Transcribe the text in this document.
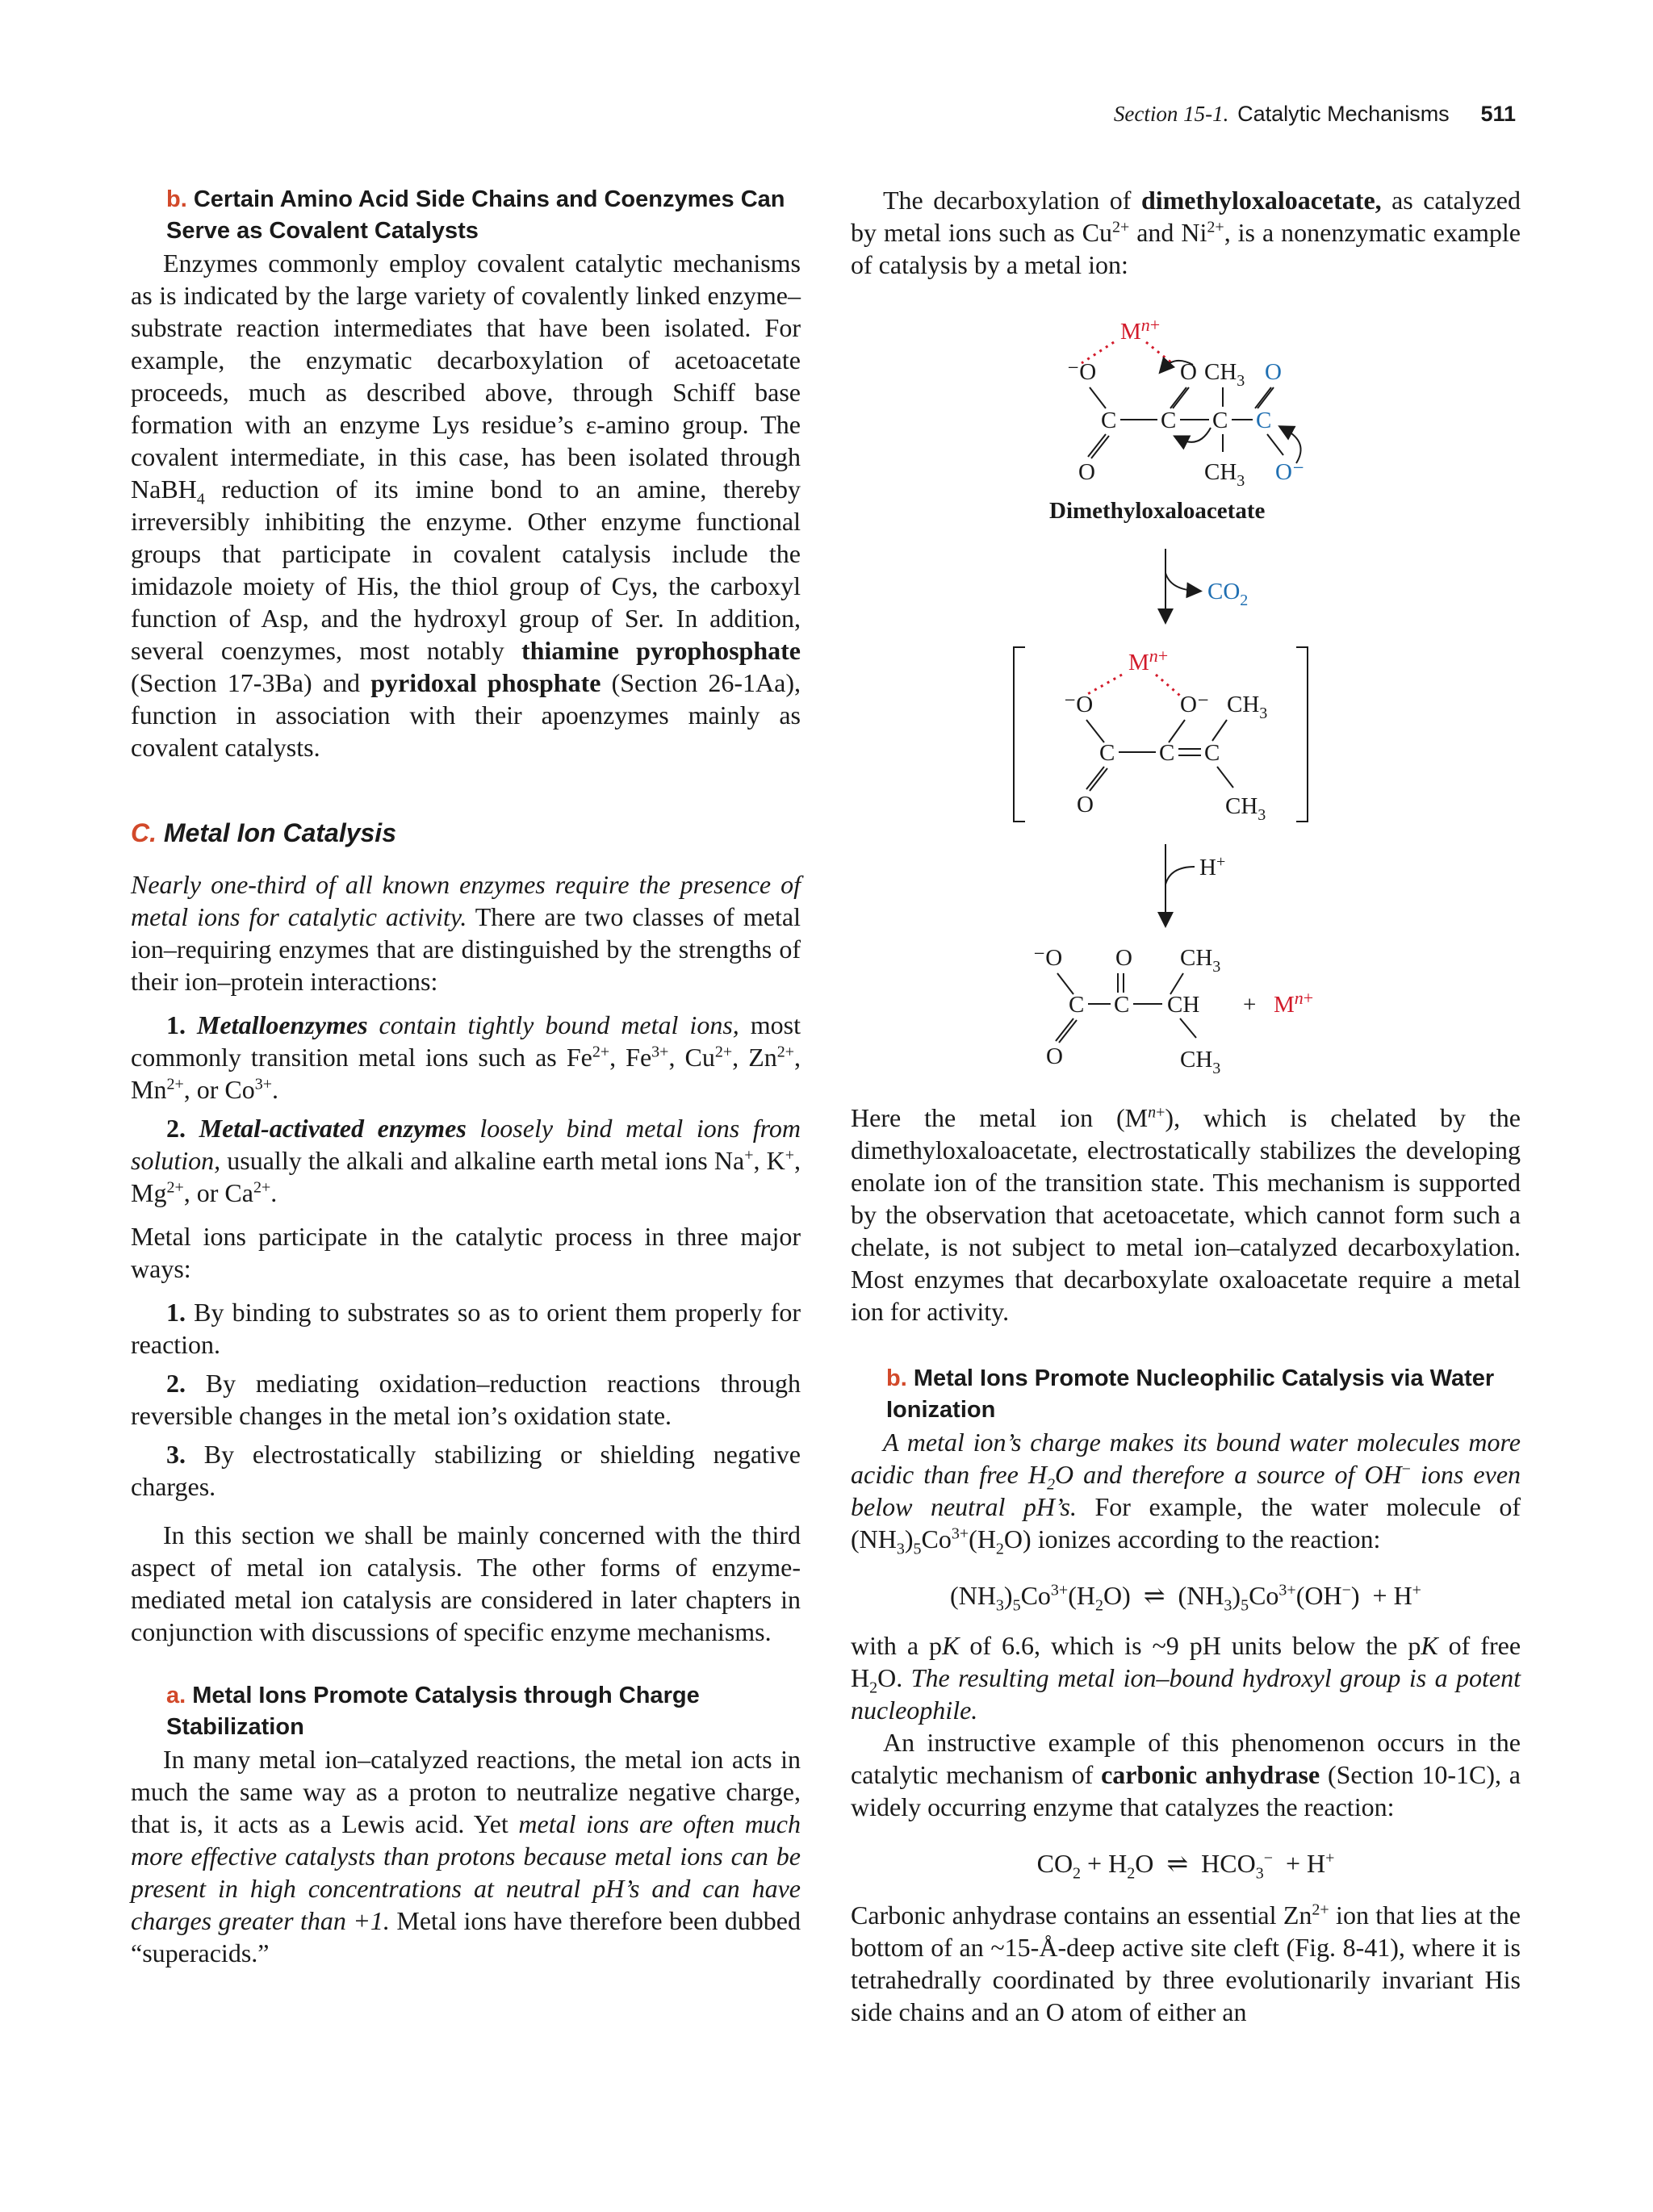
Section 15-1. Catalytic Mechanisms 511
b. Certain Amino Acid Side Chains and Coenzymes Can Serve as Covalent Catalysts

Enzymes commonly employ covalent catalytic mechanisms as is indicated by the large variety of covalently linked enzyme–substrate reaction intermediates that have been isolated. For example, the enzymatic decarboxylation of acetoacetate proceeds, much as described above, through Schiff base formation with an enzyme Lys residue’s ε-amino group. The covalent intermediate, in this case, has been isolated through NaBH$_4$ reduction of its imine bond to an amine, thereby irreversibly inhibiting the enzyme. Other enzyme functional groups that participate in covalent catalysis include the imidazole moiety of His, the thiol group of Cys, the carboxyl function of Asp, and the hydroxyl group of Ser. In addition, several coenzymes, most notably thiamine pyrophosphate (Section 17-3Ba) and pyridoxal phosphate (Section 26-1Aa), function in association with their apoenzymes mainly as covalent catalysts.

C. Metal Ion Catalysis

Nearly one-third of all known enzymes require the presence of metal ions for catalytic activity. There are two classes of metal ion–requiring enzymes that are distinguished by the strengths of their ion–protein interactions:

1. Metalloenzymes contain tightly bound metal ions, most commonly transition metal ions such as $Fe^{2+}$, $Fe^{3+}$, $Cu^{2+}$, $Zn^{2+}$, $Mn^{2+}$, or $Co^{3+}$.

2. Metal-activated enzymes loosely bind metal ions from solution, usually the alkali and alkaline earth metal ions Na+, K+, $Mg^{2+}$, or $Ca^{2+}$.

Metal ions participate in the catalytic process in three major ways:

1. By binding to substrates so as to orient them properly for reaction.

2. By mediating oxidation–reduction reactions through reversible changes in the metal ion’s oxidation state.

3. By electrostatically stabilizing or shielding negative charges.

In this section we shall be mainly concerned with the third aspect of metal ion catalysis. The other forms of enzyme-mediated metal ion catalysis are considered in later chapters in conjunction with discussions of specific enzyme mechanisms.

a. Metal Ions Promote Catalysis through Charge Stabilization

In many metal ion–catalyzed reactions, the metal ion acts in much the same way as a proton to neutralize negative charge, that is, it acts as a Lewis acid. Yet metal ions are often much more effective catalysts than protons because metal ions can be present in high concentrations at neutral pH’s and can have charges greater than +1. Metal ions have therefore been dubbed “superacids.”

The decarboxylation of dimethyloxaloacetate, as catalyzed by metal ions such as $Cu^{2+}$ and $Ni^{2+}$, is a nonenzymatic example of catalysis by a metal ion:

$M^n+$
⁻O	O $CH_3$ O
C C C C
O	$CH_3$ O⁻
Dimethyloxaloacetate
$CO_2$
$M^n+$
⁻O	O⁻ $CH_3$
C C C
O	$CH_3$
H+
⁻O O $CH_3$
C C CH
O	$CH_3$
+ $M^n+$

Here the metal ion $(M^{n+})$, which is chelated by the dimethyloxaloacetate, electrostatically stabilizes the developing enolate ion of the transition state. This mechanism is supported by the observation that acetoacetate, which cannot form such a chelate, is not subject to metal ion–catalyzed decarboxylation. Most enzymes that decarboxylate oxaloacetate require a metal ion for activity.

b. Metal Ions Promote Nucleophilic Catalysis via Water Ionization

A metal ion’s charge makes its bound water molecules more acidic than free $H_2O$ and therefore a source of OH− ions even below neutral pH’s. For example, the water molecule of $(NH_3)_5Co^{3+}(H_2O)$ ionizes according to the reaction:

$(NH_3)_5Co^{3+}(H_2O)$  ⇌  $(NH_3)_5Co^{3+}(OH^-) + H^+$

with a pK of 6.6, which is ~9 pH units below the pK of free $H_2O$. The resulting metal ion–bound hydroxyl group is a potent nucleophile.

An instructive example of this phenomenon occurs in the catalytic mechanism of carbonic anhydrase (Section 10-1C), a widely occurring enzyme that catalyzes the reaction:

$CO_2 + H_2O$  ⇌  $HCO_3^- + H^+$

Carbonic anhydrase contains an essential $Zn^{2+}$ ion that lies at the bottom of an ~15-Å-deep active site cleft (Fig. 8-41), where it is tetrahedrally coordinated by three evolutionarily invariant His side chains and an O atom of either an
